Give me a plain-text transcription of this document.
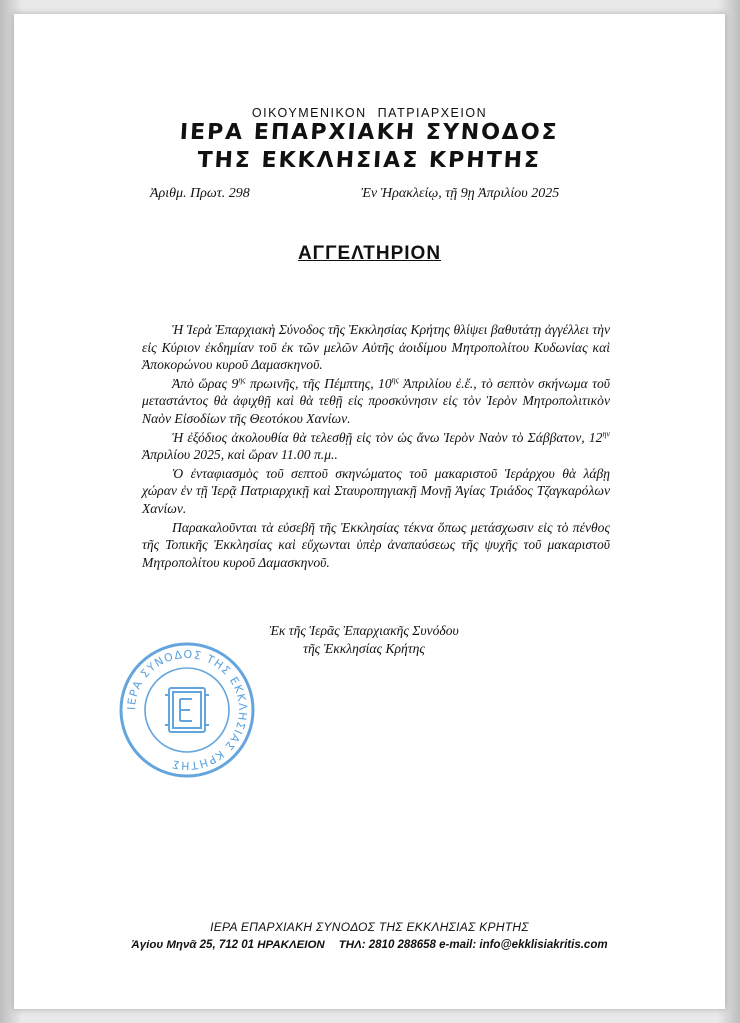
ΟΙΚΟΥΜΕΝΙΚΟΝ ΠΑΤΡΙΑΡΧΕΙΟΝ
ΙΕΡΑ ΕΠΑΡΧΙΑΚΗ ΣΥΝΟΔΟΣ
ΤΗΣ ΕΚΚΛΗΣΙΑΣ ΚΡΗΤΗΣ
Ἀριθμ. Πρωτ. 298	Ἐν Ἡρακλείῳ, τῇ 9ῃ Ἀπριλίου 2025
ΑΓΓΕΛΤΗΡΙΟΝ

Ἡ Ἱερὰ Ἐπαρχιακὴ Σύνοδος τῆς Ἐκκλησίας Κρήτης θλίψει βαθυτάτῃ ἀγγέλλει τὴν εἰς Κύριον ἐκδημίαν τοῦ ἐκ τῶν μελῶν Αὐτῆς ἀοιδίμου Μητροπολίτου Κυδωνίας καὶ Ἀποκορώνου κυροῦ Δαμασκηνοῦ.

Ἀπὸ ὥρας $9^{\eta\varsigma}$ πρωινῆς, τῆς Πέμπτης, $10^{\eta\varsigma}$ Ἀπριλίου ἐ.ἔ., τὸ σεπτὸν σκήνωμα τοῦ μεταστάντος θὰ ἀφιχθῇ καὶ θὰ τεθῇ εἰς προσκύνησιν εἰς τὸν Ἱερὸν Μητροπολιτικὸν Ναὸν Εἰσοδίων τῆς Θεοτόκου Χανίων.

Ἡ ἐξόδιος ἀκολουθία θὰ τελεσθῇ εἰς τὸν ὡς ἄνω Ἱερὸν Ναὸν τὸ Σάββατον, $12^{\eta\nu}$ Ἀπριλίου 2025, καὶ ὥραν 11.00 π.μ..

Ὁ ἐνταφιασμὸς τοῦ σεπτοῦ σκηνώματος τοῦ μακαριστοῦ Ἱεράρχου θὰ λάβῃ χώραν ἐν τῇ Ἱερᾷ Πατριαρχικῇ καὶ Σταυροπηγιακῇ Μονῇ Ἁγίας Τριάδος Τζαγκαρόλων Χανίων.

Παρακαλοῦνται τὰ εὐσεβῆ τῆς Ἐκκλησίας τέκνα ὅπως μετάσχωσιν εἰς τὸ πένθος τῆς Τοπικῆς Ἐκκλησίας καὶ εὔχωνται ὑπὲρ ἀναπαύσεως τῆς ψυχῆς τοῦ μακαριστοῦ Μητροπολίτου κυροῦ Δαμασκηνοῦ.

Ἐκ τῆς Ἱερᾶς Ἐπαρχιακῆς Συνόδου
τῆς Ἐκκλησίας Κρήτης
ΙΕΡΑ ΣΥΝΟΔΟΣ ΤΗΣ ΕΚΚΛΗΣΙΑΣ ΚΡΗΤΗΣ
ΙΕΡΑ ΕΠΑΡΧΙΑΚΗ ΣΥΝΟΔΟΣ ΤΗΣ ΕΚΚΛΗΣΙΑΣ ΚΡΗΤΗΣ
Ἁγίου Μηνᾶ 25, 712 01 ΗΡΑΚΛΕΙΟΝ ΤΗΛ: 2810 288658 e-mail: info@ekklisiakritis.com
